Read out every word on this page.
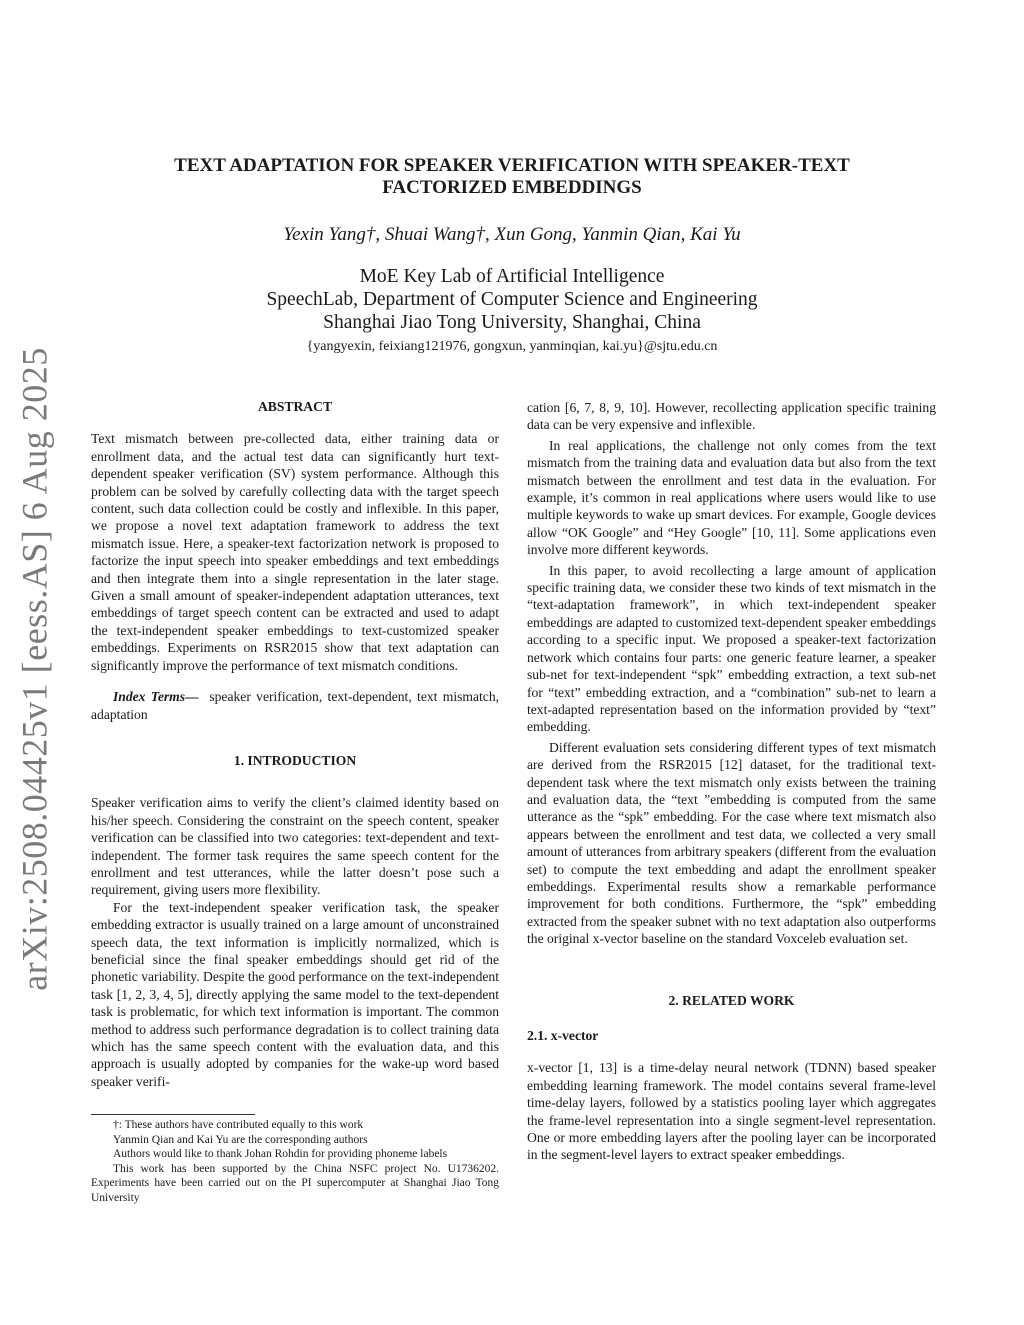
arXiv:2508.04425v1 [eess.AS] 6 Aug 2025
TEXT ADAPTATION FOR SPEAKER VERIFICATION WITH SPEAKER-TEXT
FACTORIZED EMBEDDINGS
Yexin Yang†, Shuai Wang†, Xun Gong, Yanmin Qian, Kai Yu
MoE Key Lab of Artificial Intelligence
SpeechLab, Department of Computer Science and Engineering
Shanghai Jiao Tong University, Shanghai, China
{yangyexin, feixiang121976, gongxun, yanminqian, kai.yu}@sjtu.edu.cn

ABSTRACT

Text mismatch between pre-collected data, either training data or enrollment data, and the actual test data can significantly hurt text-dependent speaker verification (SV) system performance. Although this problem can be solved by carefully collecting data with the target speech content, such data collection could be costly and inflexible. In this paper, we propose a novel text adaptation framework to address the text mismatch issue. Here, a speaker-text factorization network is proposed to factorize the input speech into speaker embeddings and text embeddings and then integrate them into a single representation in the later stage. Given a small amount of speaker-independent adaptation utterances, text embeddings of target speech content can be extracted and used to adapt the text-independent speaker embeddings to text-customized speaker embeddings. Experiments on RSR2015 show that text adaptation can significantly improve the performance of text mismatch conditions.

Index Terms— speaker verification, text-dependent, text mismatch, adaptation

1. INTRODUCTION

Speaker verification aims to verify the client’s claimed identity based on his/her speech. Considering the constraint on the speech content, speaker verification can be classified into two categories: text-dependent and text-independent. The former task requires the same speech content for the enrollment and test utterances, while the latter doesn’t pose such a requirement, giving users more flexibility.

For the text-independent speaker verification task, the speaker embedding extractor is usually trained on a large amount of unconstrained speech data, the text information is implicitly normalized, which is beneficial since the final speaker embeddings should get rid of the phonetic variability. Despite the good performance on the text-independent task [1, 2, 3, 4, 5], directly applying the same model to the text-dependent task is problematic, for which text information is important. The common method to address such performance degradation is to collect training data which has the same speech content with the evaluation data, and this approach is usually adopted by companies for the wake-up word based speaker verifi-

†: These authors have contributed equally to this work

Yanmin Qian and Kai Yu are the corresponding authors

Authors would like to thank Johan Rohdin for providing phoneme labels

This work has been supported by the China NSFC project No. U1736202. Experiments have been carried out on the PI supercomputer at Shanghai Jiao Tong University

cation [6, 7, 8, 9, 10]. However, recollecting application specific training data can be very expensive and inflexible.

In real applications, the challenge not only comes from the text mismatch from the training data and evaluation data but also from the text mismatch between the enrollment and test data in the evaluation. For example, it’s common in real applications where users would like to use multiple keywords to wake up smart devices. For example, Google devices allow “OK Google” and “Hey Google” [10, 11]. Some applications even involve more different keywords.

In this paper, to avoid recollecting a large amount of application specific training data, we consider these two kinds of text mismatch in the “text-adaptation framework”, in which text-independent speaker embeddings are adapted to customized text-dependent speaker embeddings according to a specific input. We proposed a speaker-text factorization network which contains four parts: one generic feature learner, a speaker sub-net for text-independent “spk” embedding extraction, a text sub-net for “text” embedding extraction, and a “combination” sub-net to learn a text-adapted representation based on the information provided by “text” embedding.

Different evaluation sets considering different types of text mismatch are derived from the RSR2015 [12] dataset, for the traditional text-dependent task where the text mismatch only exists between the training and evaluation data, the “text ”embedding is computed from the same utterance as the “spk” embedding. For the case where text mismatch also appears between the enrollment and test data, we collected a very small amount of utterances from arbitrary speakers (different from the evaluation set) to compute the text embedding and adapt the enrollment speaker embeddings. Experimental results show a remarkable performance improvement for both conditions. Furthermore, the “spk” embedding extracted from the speaker subnet with no text adaptation also outperforms the original x-vector baseline on the standard Voxceleb evaluation set.

2. RELATED WORK

2.1. x-vector

x-vector [1, 13] is a time-delay neural network (TDNN) based speaker embedding learning framework. The model contains several frame-level time-delay layers, followed by a statistics pooling layer which aggregates the frame-level representation into a single segment-level representation. One or more embedding layers after the pooling layer can be incorporated in the segment-level layers to extract speaker embeddings.
